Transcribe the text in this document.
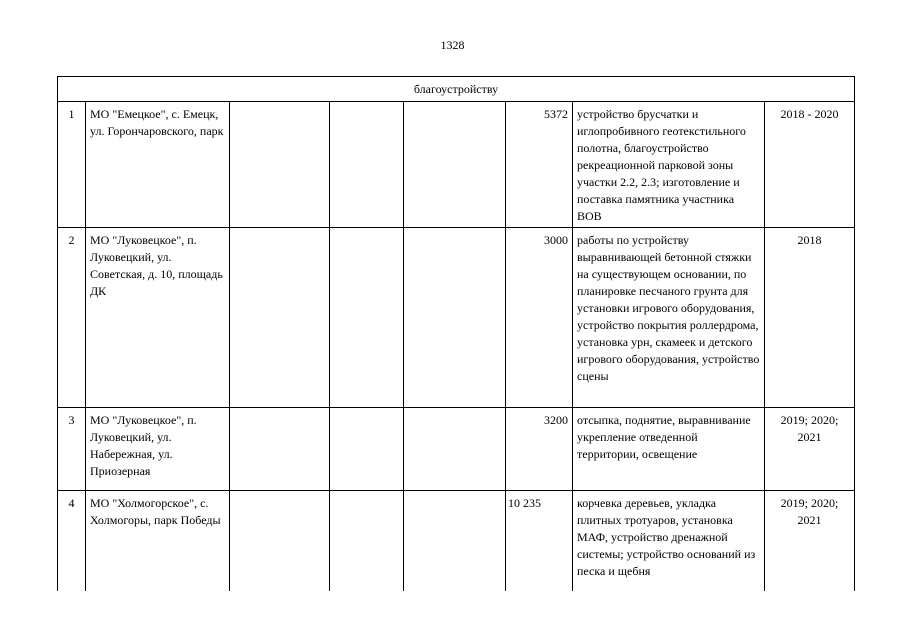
1328
благоустройству							
1	МО "Емецкое", с. Емецк, ул. Горончаровского, парк				5372	устройство брусчатки и иглопробивного геотекстильного полотна, благоустройство рекреационной парковой зоны участки 2.2, 2.3; изготовление и поставка памятника участника ВОВ	2018 - 2020
2	МО "Луковецкое", п. Луковецкий, ул. Советская, д. 10, площадь ДК				3000	работы по устройству выравнивающей бетонной стяжки на существующем основании, по планировке песчаного грунта для установки игрового оборудования, устройство покрытия роллердрома, установка урн, скамеек и детского игрового оборудования, устройство сцены	2018
3	МО "Луковецкое", п. Луковецкий, ул. Набережная, ул. Приозерная				3200	отсыпка, поднятие, выравнивание укрепление отведенной территории, освещение	2019; 2020; 2021
4	МО "Холмогорское", с. Холмогоры, парк Победы				10 235	корчевка деревьев, укладка плитных тротуаров, установка МАФ, устройство дренажной системы; устройство оснований из песка и щебня	2019; 2020; 2021
